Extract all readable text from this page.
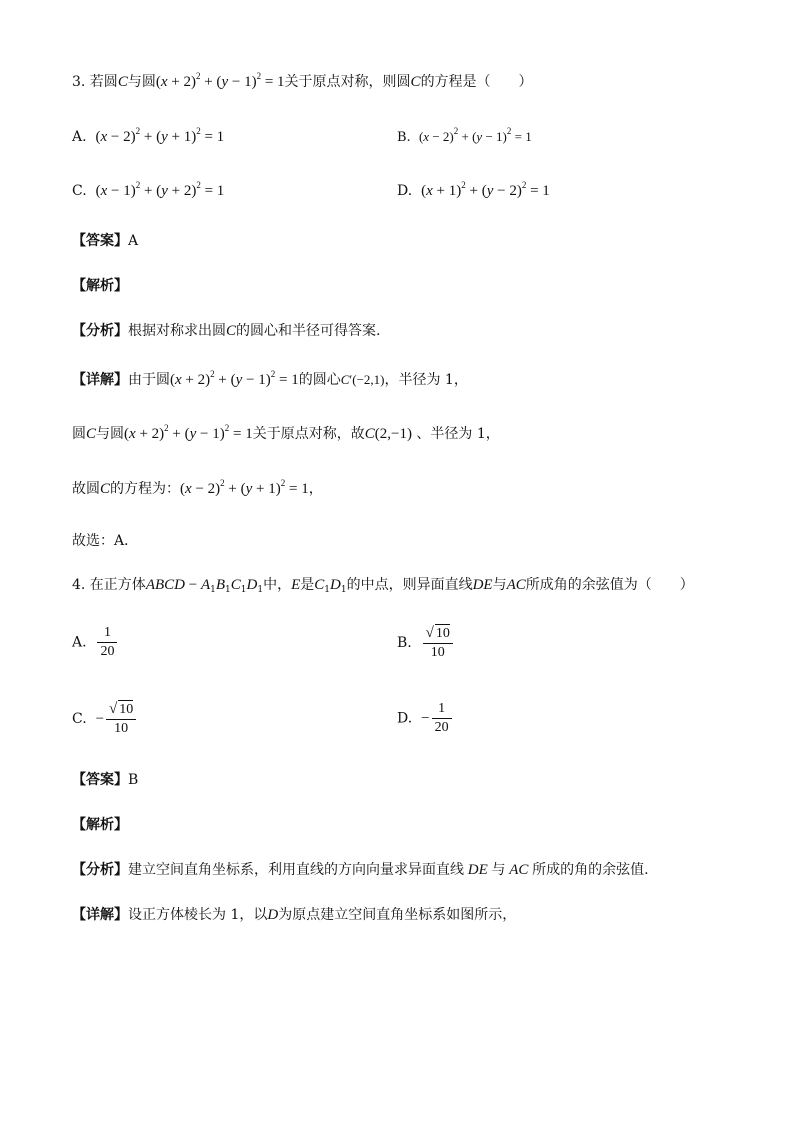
3. 若圆C与圆$(x + 2)^2 + (y - 1)^2 = 1$关于原点对称，则圆C的方程是（　　）
A. $(x - 2)^2 + (y + 1)^2 = 1$	B. $(x - 2)^2 + (y - 1)^2 = 1$
C. $(x - 1)^2 + (y + 2)^2 = 1$	D. $(x + 1)^2 + (y - 2)^2 = 1$
【答案】A
【解析】
【分析】根据对称求出圆C的圆心和半径可得答案.
【详解】由于圆$(x + 2)^2 + (y - 1)^2 = 1$的圆心C′(−2,1)，半径为 1，
圆C与圆$(x + 2)^2 + (y - 1)^2 = 1$关于原点对称，故C(2,−1) 、半径为 1，
故圆C的方程为：$(x - 2)^2 + (y + 1)^2 = 1$，
故选：A．
4. 在正方体ABCD − $A_1B_1C_1D_1$中，E是$C_1D_1$的中点，则异面直线DE与AC所成角的余弦值为（　　）
A. $\frac{1}{20}$	B. $\frac{√ 10}{10}$
C. − $\frac{√ 10}{10}$	D. − $\frac{1}{20}$
【答案】B
【解析】
【分析】建立空间直角坐标系，利用直线的方向向量求异面直线 DE 与 AC 所成的角的余弦值.
【详解】设正方体棱长为 1，以D为原点建立空间直角坐标系如图所示，
